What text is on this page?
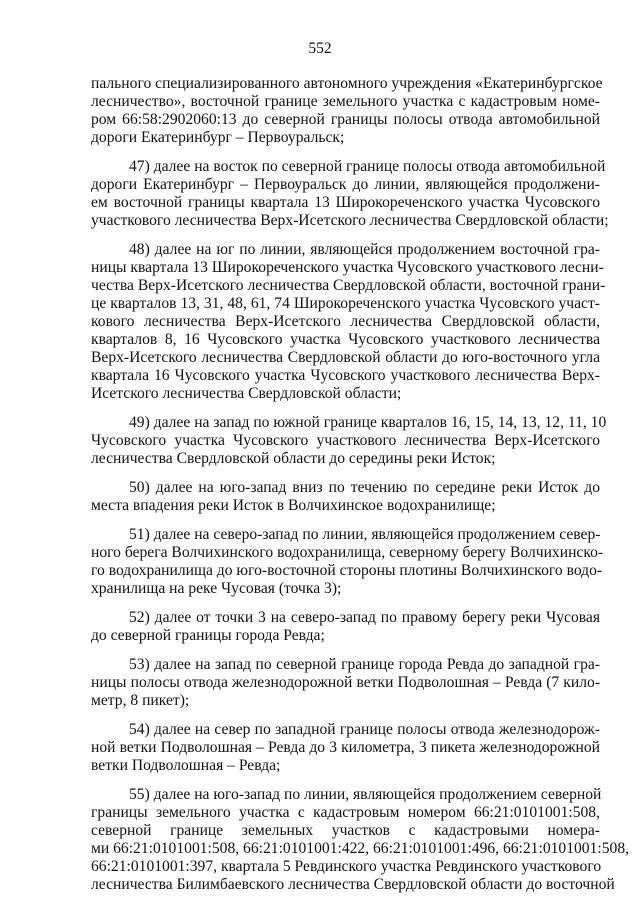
552
пального специализированного автономного учреждения «Екатеринбургское
лесничество», восточной границе земельного участка с кадастровым номе-
ром 66:58:2902060:13 до северной границы полосы отвода автомобильной
дороги Екатеринбург – Первоуральск;
47) далее на восток по северной границе полосы отвода автомобильной
дороги Екатеринбург – Первоуральск до линии, являющейся продолжени-
ем восточной границы квартала 13 Широкореченского участка Чусовского
участкового лесничества Верх-Исетского лесничества Свердловской области;
48) далее на юг по линии, являющейся продолжением восточной гра-
ницы квартала 13 Широкореченского участка Чусовского участкового лесни-
чества Верх-Исетского лесничества Свердловской области, восточной грани-
це кварталов 13, 31, 48, 61, 74 Широкореченского участка Чусовского участ-
кового лесничества Верх-Исетского лесничества Свердловской области,
кварталов 8, 16 Чусовского участка Чусовского участкового лесничества
Верх-Исетского лесничества Свердловской области до юго-восточного угла
квартала 16 Чусовского участка Чусовского участкового лесничества Верх-
Исетского лесничества Свердловской области;
49) далее на запад по южной границе кварталов 16, 15, 14, 13, 12, 11, 10
Чусовского участка Чусовского участкового лесничества Верх-Исетского
лесничества Свердловской области до середины реки Исток;
50) далее на юго-запад вниз по течению по середине реки Исток до
места впадения реки Исток в Волчихинское водохранилище;
51) далее на северо-запад по линии, являющейся продолжением север-
ного берега Волчихинского водохранилища, северному берегу Волчихинско-
го водохранилища до юго-восточной стороны плотины Волчихинского водо-
хранилища на реке Чусовая (точка 3);
52) далее от точки 3 на северо-запад по правому берегу реки Чусовая
до северной границы города Ревда;
53) далее на запад по северной границе города Ревда до западной гра-
ницы полосы отвода железнодорожной ветки Подволошная – Ревда (7 кило-
метр, 8 пикет);
54) далее на север по западной границе полосы отвода железнодорож-
ной ветки Подволошная – Ревда до 3 километра, 3 пикета железнодорожной
ветки Подволошная – Ревда;
55) далее на юго-запад по линии, являющейся продолжением северной
границы земельного участка с кадастровым номером 66:21:0101001:508,
северной границе земельных участков с кадастровыми номера-
ми 66:21:0101001:508, 66:21:0101001:422, 66:21:0101001:496, 66:21:0101001:508,
66:21:0101001:397, квартала 5 Ревдинского участка Ревдинского участкового
лесничества Билимбаевского лесничества Свердловской области до восточной
